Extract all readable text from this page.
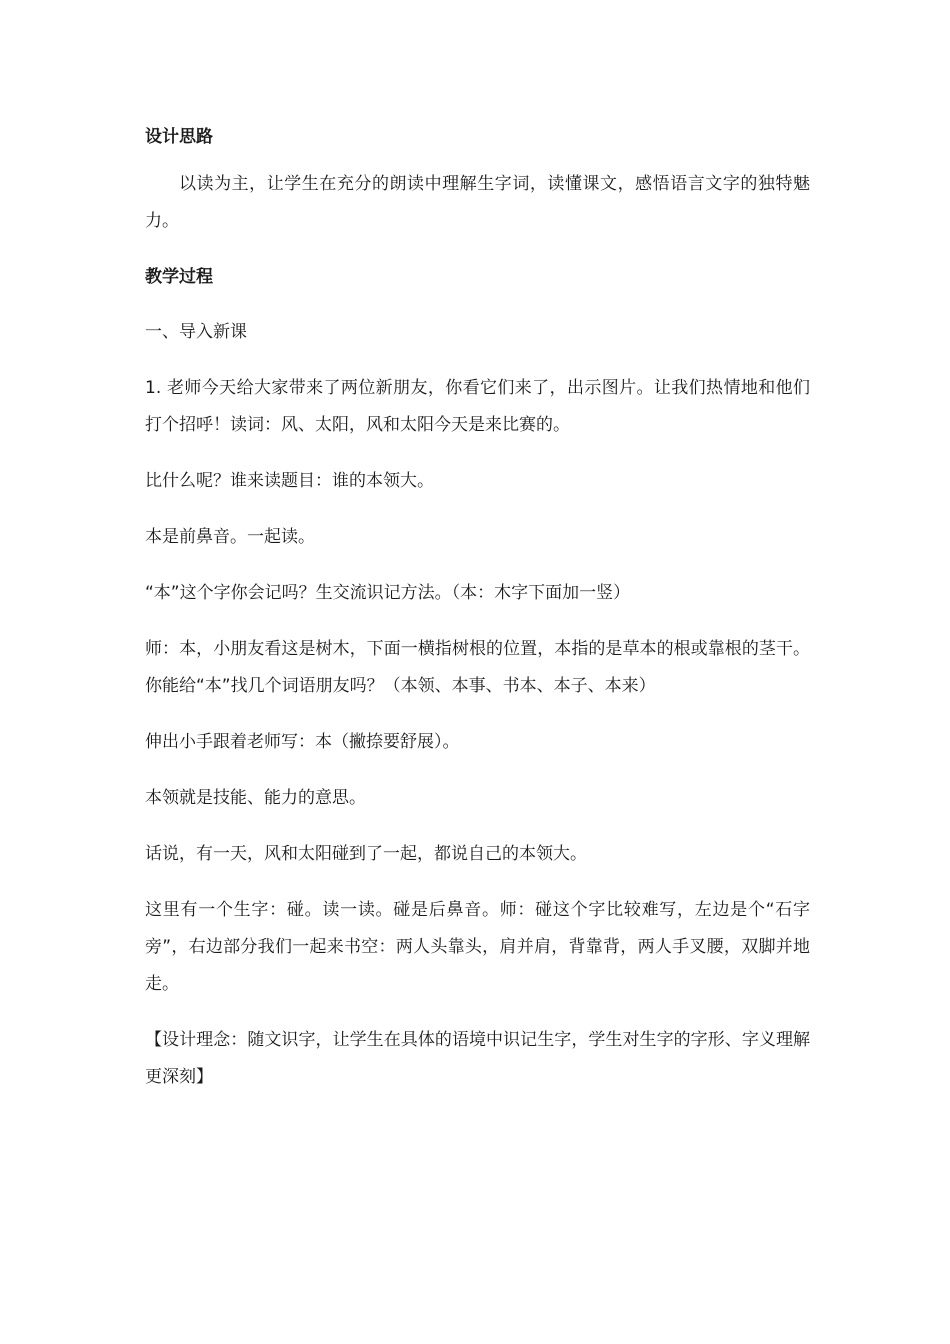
设计思路

以读为主，让学生在充分的朗读中理解生字词，读懂课文，感悟语言文字的独特魅力。

教学过程

一、导入新课

1. 老师今天给大家带来了两位新朋友，你看它们来了，出示图片。让我们热情地和他们打个招呼！读词：风、太阳，风和太阳今天是来比赛的。

比什么呢？谁来读题目：谁的本领大。

本是前鼻音。一起读。

“本”这个字你会记吗？生交流识记方法。（本：木字下面加一竖）

师：本，小朋友看这是树木，下面一横指树根的位置，本指的是草本的根或靠根的茎干。你能给“本”找几个词语朋友吗？（本领、本事、书本、本子、本来）

伸出小手跟着老师写：本（撇捺要舒展）。

本领就是技能、能力的意思。

话说，有一天，风和太阳碰到了一起，都说自己的本领大。

这里有一个生字：碰。读一读。碰是后鼻音。师：碰这个字比较难写，左边是个“石字旁”，右边部分我们一起来书空：两人头靠头，肩并肩，背靠背，两人手叉腰，双脚并地走。

【设计理念：随文识字，让学生在具体的语境中识记生字，学生对生字的字形、字义理解更深刻】
